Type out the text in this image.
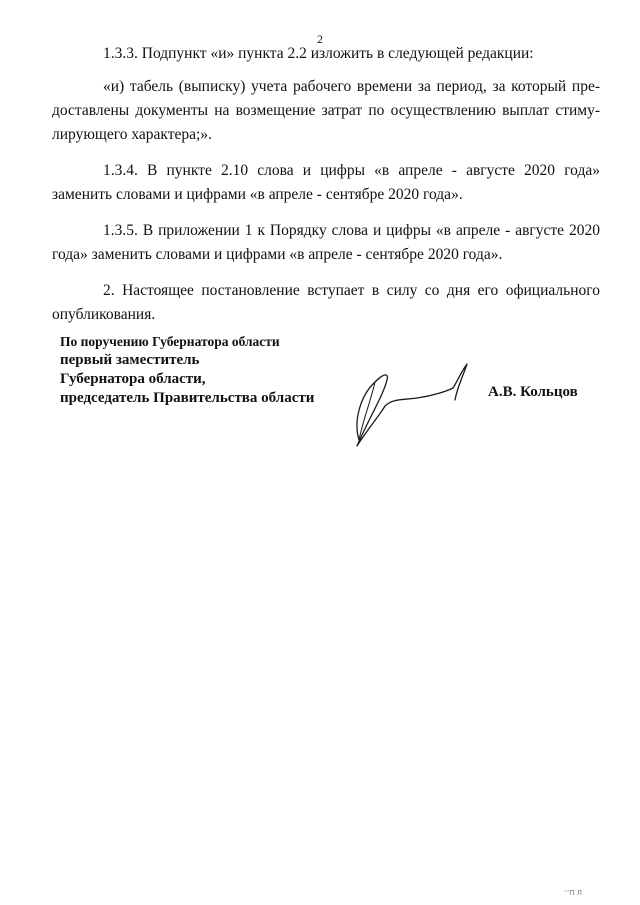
2

1.3.3. Подпункт «и» пункта 2.2 изложить в следующей редакции:

«и) табель (выписку) учета рабочего времени за период, за который предоставлены документы на возмещение затрат по осуществлению выплат стимулирующего характера;».

1.3.4. В пункте 2.10 слова и цифры «в апреле - августе 2020 года» заменить словами и цифрами «в апреле - сентябре 2020 года».

1.3.5. В приложении 1 к Порядку слова и цифры «в апреле - августе 2020 года» заменить словами и цифрами «в апреле - сентябре 2020 года».

2. Настоящее постановление вступает в силу со дня его официального опубликования.

По поручению Губернатора области
первый заместитель
Губернатора области,
председатель Правительства области	А.В. Кольцов
‘’П Л
